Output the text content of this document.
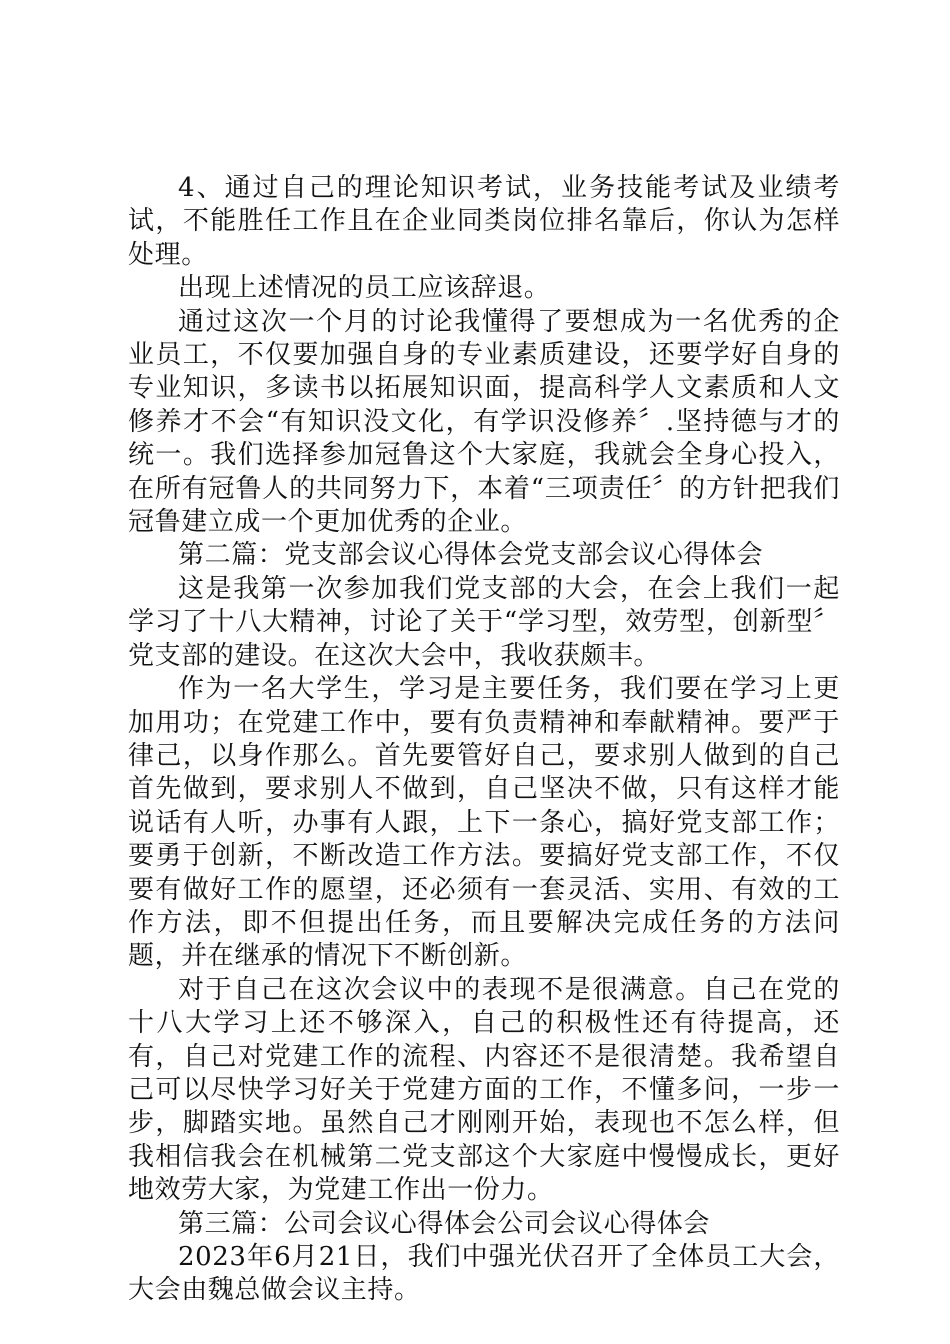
4、通过自己的理论知识考试，业务技能考试及业绩考试，不能胜任工作且在企业同类岗位排名靠后，你认为怎样处理。

出现上述情况的员工应该辞退。

通过这次一个月的讨论我懂得了要想成为一名优秀的企业员工，不仅要加强自身的专业素质建设，还要学好自身的专业知识，多读书以拓展知识面，提高科学人文素质和人文修养才不会“有知识没文化，有学识没修养〞.坚持德与才的统一。我们选择参加冠鲁这个大家庭，我就会全身心投入，在所有冠鲁人的共同努力下，本着“三项责任〞的方针把我们冠鲁建立成一个更加优秀的企业。

第二篇：党支部会议心得体会党支部会议心得体会

这是我第一次参加我们党支部的大会，在会上我们一起学习了十八大精神，讨论了关于“学习型，效劳型，创新型〞党支部的建设。在这次大会中，我收获颇丰。

作为一名大学生，学习是主要任务，我们要在学习上更加用功；在党建工作中，要有负责精神和奉献精神。要严于律己，以身作那么。首先要管好自己，要求别人做到的自己首先做到，要求别人不做到，自己坚决不做，只有这样才能说话有人听，办事有人跟，上下一条心，搞好党支部工作；要勇于创新，不断改造工作方法。要搞好党支部工作，不仅要有做好工作的愿望，还必须有一套灵活、实用、有效的工作方法，即不但提出任务，而且要解决完成任务的方法问题，并在继承的情况下不断创新。

对于自己在这次会议中的表现不是很满意。自己在党的十八大学习上还不够深入，自己的积极性还有待提高，还有，自己对党建工作的流程、内容还不是很清楚。我希望自己可以尽快学习好关于党建方面的工作，不懂多问，一步一步，脚踏实地。虽然自己才刚刚开始，表现也不怎么样，但我相信我会在机械第二党支部这个大家庭中慢慢成长，更好地效劳大家，为党建工作出一份力。

第三篇：公司会议心得体会公司会议心得体会

2023年6月21日，我们中强光伏召开了全体员工大会，大会由魏总做会议主持。
